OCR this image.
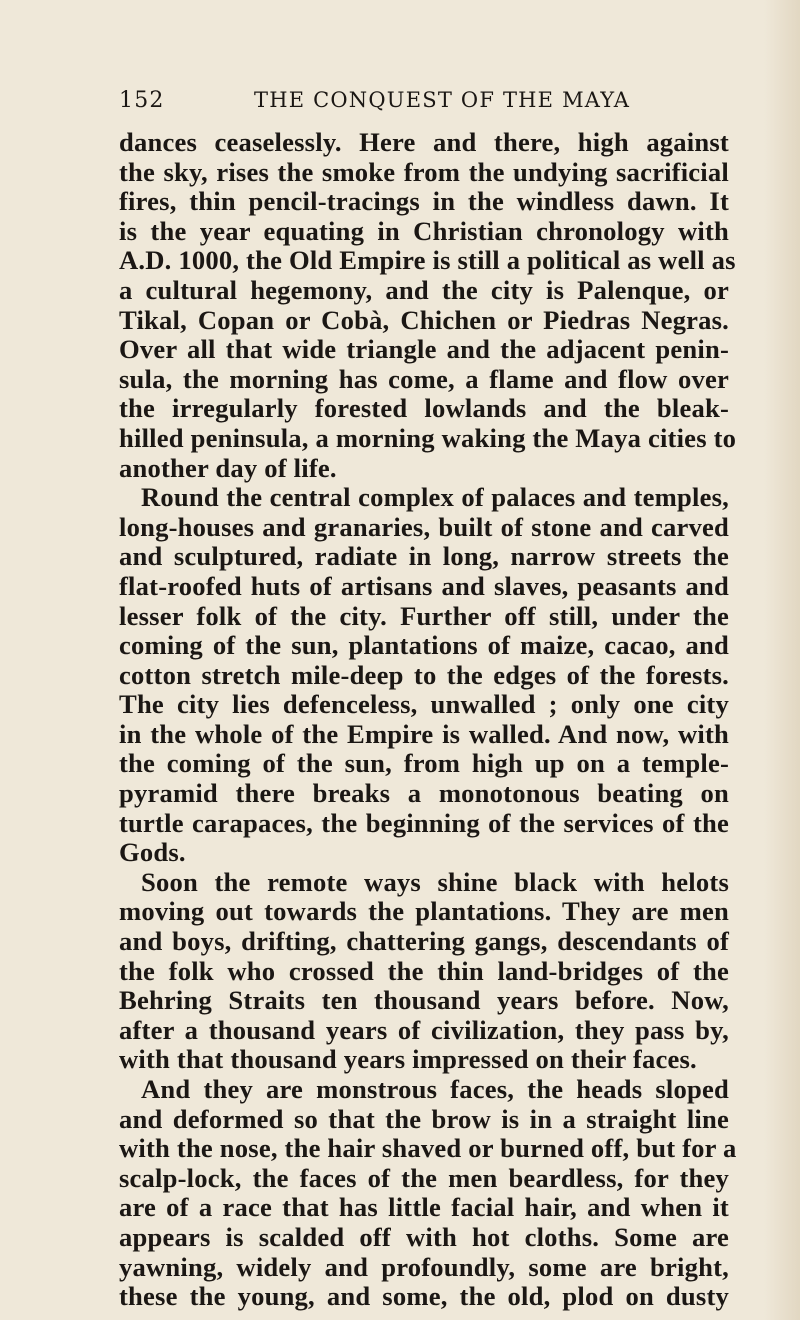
152	THE CONQUEST OF THE MAYA
dances ceaselessly. Here and there, high against
the sky, rises the smoke from the undying sacrificial
fires, thin pencil-tracings in the windless dawn. It
is the year equating in Christian chronology with
A.D. 1000, the Old Empire is still a political as well as
a cultural hegemony, and the city is Palenque, or
Tikal, Copan or Cobà, Chichen or Piedras Negras.
Over all that wide triangle and the adjacent penin-
sula, the morning has come, a flame and flow over
the irregularly forested lowlands and the bleak-
hilled peninsula, a morning waking the Maya cities to
another day of life.
Round the central complex of palaces and temples,
long-houses and granaries, built of stone and carved
and sculptured, radiate in long, narrow streets the
flat-roofed huts of artisans and slaves, peasants and
lesser folk of the city. Further off still, under the
coming of the sun, plantations of maize, cacao, and
cotton stretch mile-deep to the edges of the forests.
The city lies defenceless, unwalled ; only one city
in the whole of the Empire is walled. And now, with
the coming of the sun, from high up on a temple-
pyramid there breaks a monotonous beating on
turtle carapaces, the beginning of the services of the
Gods.
Soon the remote ways shine black with helots
moving out towards the plantations. They are men
and boys, drifting, chattering gangs, descendants of
the folk who crossed the thin land-bridges of the
Behring Straits ten thousand years before. Now,
after a thousand years of civilization, they pass by,
with that thousand years impressed on their faces.
And they are monstrous faces, the heads sloped
and deformed so that the brow is in a straight line
with the nose, the hair shaved or burned off, but for a
scalp-lock, the faces of the men beardless, for they
are of a race that has little facial hair, and when it
appears is scalded off with hot cloths. Some are
yawning, widely and profoundly, some are bright,
these the young, and some, the old, plod on dusty
